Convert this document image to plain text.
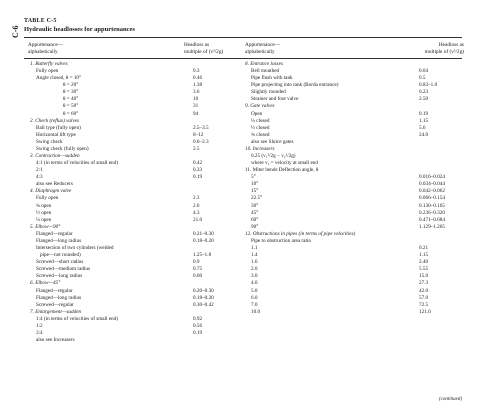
C-6
TABLE C-5
Hydraulic headlosses for appurtenances
Appurtenance—
alphabetically
Headloss as
multiple of (v²/2g)
Appurtenance—
alphabetically
Headloss as
multiple of (v²/2g)
1. Butterfly valves
Fully open	0.3
Angle closed, θ = 10°	0.46
θ = 20°	1.38
θ = 30°	3.6
θ = 40°	10
θ = 50°	31
θ = 60°	94
2. Check (reflux) valves
Ball type (fully open)	2.5–3.5
Horizontal lift type	8–12
Swing check	0.6–2.3
Swing check (fully open)	2.5
3. Contraction—sudden
4:1 (in terms of velocities of small end)	0.42
2:1	0.33
4:3	0.19
also see Reducers
4. Diaphragm valve
Fully open	2.3
¾ open	2.6
½ open	4.3
¼ open	21.0
5. Elbow—90°
Flanged—regular	0.21–0.30
Flanged—long radius	0.18–0.20
Intersection of two cylinders (welded
pipe—not rounded)	1.25–1.8
Screwed—short radius	0.9
Screwed—medium radius	0.75
Screwed—long radius	0.60
6. Elbow—45°
Flanged—regular	0.20–0.30
Flanged—long radius	0.18–0.20
Screwed—regular	0.30–0.42
7. Enlargement—sudden
1:4 (in terms of velocities of small end)	0.92
1:2	0.56
3:4	0.19
also see Increasers
8. Entrance losses
Bell mouthed	0.04
Pipe flush with tank	0.5
Pipe projecting into tank (Borda entrance)	0.83–1.0
Slightly rounded	0.23
Strainer and foot valve	2.50
9. Gate valves
Open	0.19
¼ closed	1.15
½ closed	5.6
¾ closed	24.0
also see Sluice gates
10. Increasers
0.25 (v₁²/2g − v₂²/2g)
where v₁ = velocity at small end
11. Miter bends Deflection angle, θ
5°	0.016–0.024
10°	0.034–0.044
15°	0.042–0.062
22.5°	0.066–0.154
30°	0.130–0.165
45°	0.236–0.320
60°	0.471–0.684
90°	1.129–1.265
12. Obstructions in pipes (in terms of pipe velocities)
Pipe to obstruction area ratio
1.1	0.21
1.4	1.15
1.6	2.40
2.0	5.55
3.0	15.0
4.0	27.3
5.0	42.0
6.0	57.0
7.0	72.5
10.0	121.0
(continued)
